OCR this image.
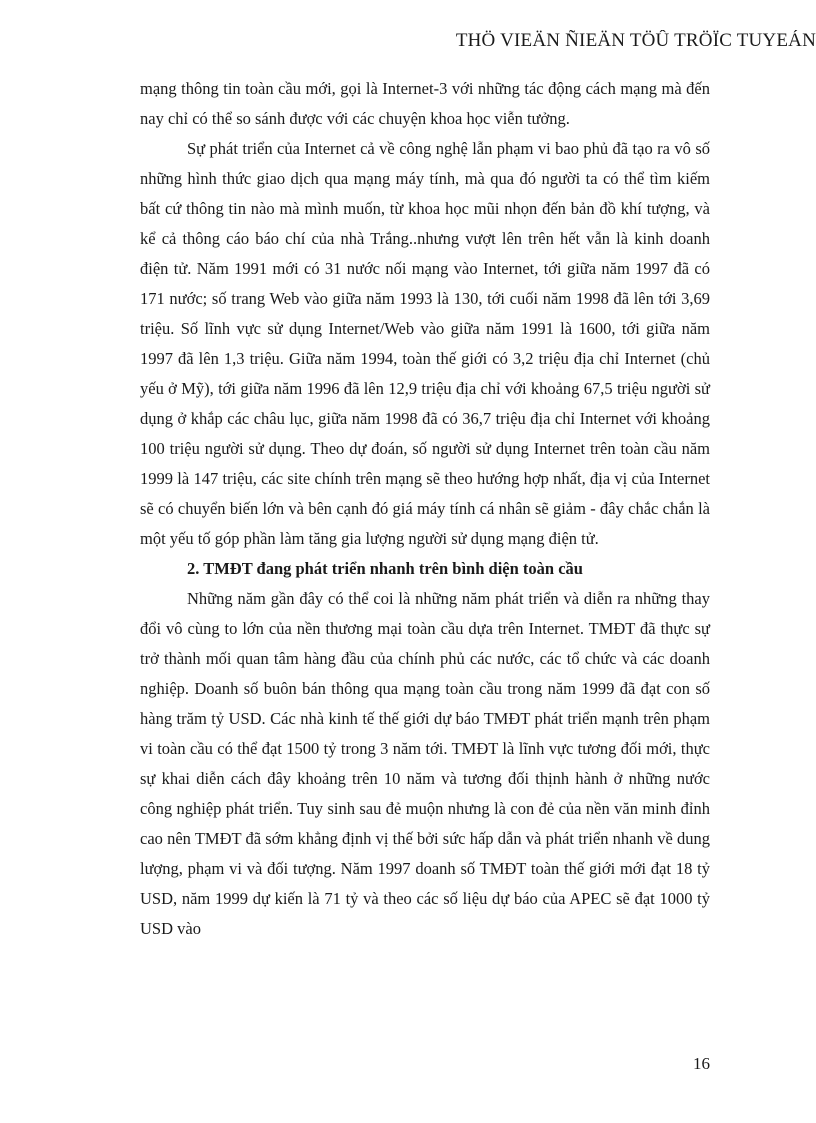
THÖ VIEÄN ÑIEÄN TÖÛ TRÖÏC TUYEÁN

mạng thông tin toàn cầu mới, gọi là Internet-3 với những tác động cách mạng mà đến nay chỉ có thể so sánh được với các chuyện khoa học viễn tưởng.

Sự phát triển của Internet cả về công nghệ lẫn phạm vi bao phủ đã tạo ra vô số những hình thức giao dịch qua mạng máy tính, mà qua đó người ta có thể tìm kiếm bất cứ thông tin nào mà mình muốn, từ khoa học mũi nhọn đến bản đồ khí tượng, và kể cả thông cáo báo chí của nhà Trắng..nhưng vượt lên trên hết vẫn là kinh doanh điện tử. Năm 1991 mới có 31 nước nối mạng vào Internet, tới giữa năm 1997 đã có 171 nước; số trang Web vào giữa năm 1993 là 130, tới cuối năm 1998 đã lên tới 3,69 triệu. Số lĩnh vực sử dụng Internet/Web vào giữa năm 1991 là 1600, tới giữa năm 1997 đã lên 1,3 triệu. Giữa năm 1994, toàn thế giới có 3,2 triệu địa chỉ Internet (chủ yếu ở Mỹ), tới giữa năm 1996 đã lên 12,9 triệu địa chỉ với khoảng 67,5 triệu người sử dụng ở khắp các châu lục, giữa năm 1998 đã có 36,7 triệu địa chỉ Internet với khoảng 100 triệu người sử dụng. Theo dự đoán, số người sử dụng Internet trên toàn cầu năm 1999 là 147 triệu, các site chính trên mạng sẽ theo hướng hợp nhất, địa vị của Internet sẽ có chuyển biến lớn và bên cạnh đó giá máy tính cá nhân sẽ giảm - đây chắc chắn là một yếu tố góp phần làm tăng gia lượng người sử dụng mạng điện tử.

2. TMĐT đang phát triển nhanh trên bình diện toàn cầu

Những năm gần đây có thể coi là những năm phát triển và diễn ra những thay đổi vô cùng to lớn của nền thương mại toàn cầu dựa trên Internet. TMĐT đã thực sự trở thành mối quan tâm hàng đầu của chính phủ các nước, các tổ chức và các doanh nghiệp. Doanh số buôn bán thông qua mạng toàn cầu trong năm 1999 đã đạt con số hàng trăm tỷ USD. Các nhà kinh tế thế giới dự báo TMĐT phát triển mạnh trên phạm vi toàn cầu có thể đạt 1500 tỷ trong 3 năm tới. TMĐT là lĩnh vực tương đối mới, thực sự khai diễn cách đây khoảng trên 10 năm và tương đối thịnh hành ở những nước công nghiệp phát triển. Tuy sinh sau đẻ muộn nhưng là con đẻ của nền văn minh đỉnh cao nên TMĐT đã sớm khẳng định vị thế bởi sức hấp dẫn và phát triển nhanh về dung lượng, phạm vi và đối tượng. Năm 1997 doanh số TMĐT toàn thế giới mới đạt 18 tỷ USD, năm 1999 dự kiến là 71 tỷ và theo các số liệu dự báo của APEC sẽ đạt 1000 tỷ USD vào

16
